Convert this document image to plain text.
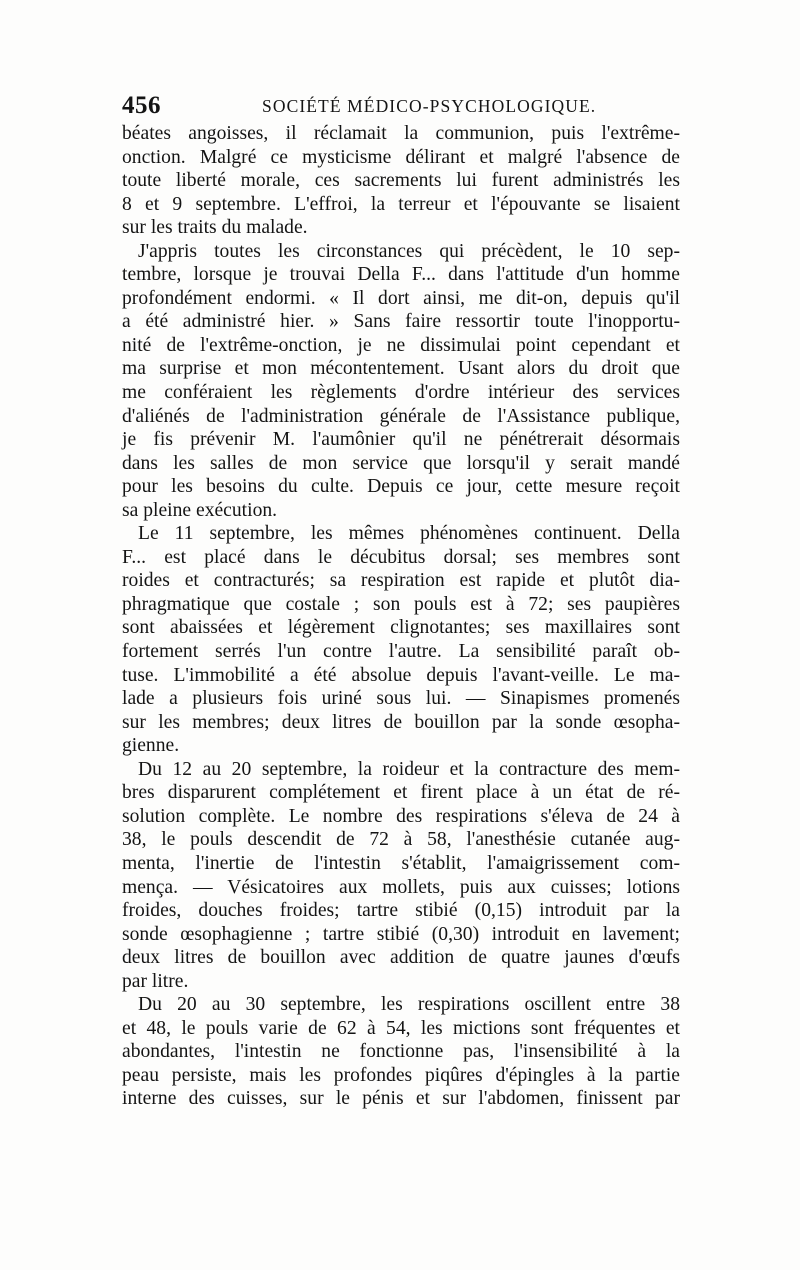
456	SOCIÉTÉ MÉDICO-PSYCHOLOGIQUE.
béates angoisses, il réclamait la communion, puis l'extrême-
onction. Malgré ce mysticisme délirant et malgré l'absence de
toute liberté morale, ces sacrements lui furent administrés les
8 et 9 septembre. L'effroi, la terreur et l'épouvante se lisaient
sur les traits du malade.
J'appris toutes les circonstances qui précèdent, le 10 sep-
tembre, lorsque je trouvai Della F... dans l'attitude d'un homme
profondément endormi. « Il dort ainsi, me dit-on, depuis qu'il
a été administré hier. » Sans faire ressortir toute l'inopportu-
nité de l'extrême-onction, je ne dissimulai point cependant et
ma surprise et mon mécontentement. Usant alors du droit que
me conféraient les règlements d'ordre intérieur des services
d'aliénés de l'administration générale de l'Assistance publique,
je fis prévenir M. l'aumônier qu'il ne pénétrerait désormais
dans les salles de mon service que lorsqu'il y serait mandé
pour les besoins du culte. Depuis ce jour, cette mesure reçoit
sa pleine exécution.
Le 11 septembre, les mêmes phénomènes continuent. Della
F... est placé dans le décubitus dorsal; ses membres sont
roides et contracturés; sa respiration est rapide et plutôt dia-
phragmatique que costale ; son pouls est à 72; ses paupières
sont abaissées et légèrement clignotantes; ses maxillaires sont
fortement serrés l'un contre l'autre. La sensibilité paraît ob-
tuse. L'immobilité a été absolue depuis l'avant-veille. Le ma-
lade a plusieurs fois uriné sous lui. — Sinapismes promenés
sur les membres; deux litres de bouillon par la sonde œsopha-
gienne.
Du 12 au 20 septembre, la roideur et la contracture des mem-
bres disparurent complétement et firent place à un état de ré-
solution complète. Le nombre des respirations s'éleva de 24 à
38, le pouls descendit de 72 à 58, l'anesthésie cutanée aug-
menta, l'inertie de l'intestin s'établit, l'amaigrissement com-
mença. — Vésicatoires aux mollets, puis aux cuisses; lotions
froides, douches froides; tartre stibié (0,15) introduit par la
sonde œsophagienne ; tartre stibié (0,30) introduit en lavement;
deux litres de bouillon avec addition de quatre jaunes d'œufs
par litre.
Du 20 au 30 septembre, les respirations oscillent entre 38
et 48, le pouls varie de 62 à 54, les mictions sont fréquentes et
abondantes, l'intestin ne fonctionne pas, l'insensibilité à la
peau persiste, mais les profondes piqûres d'épingles à la partie
interne des cuisses, sur le pénis et sur l'abdomen, finissent par
